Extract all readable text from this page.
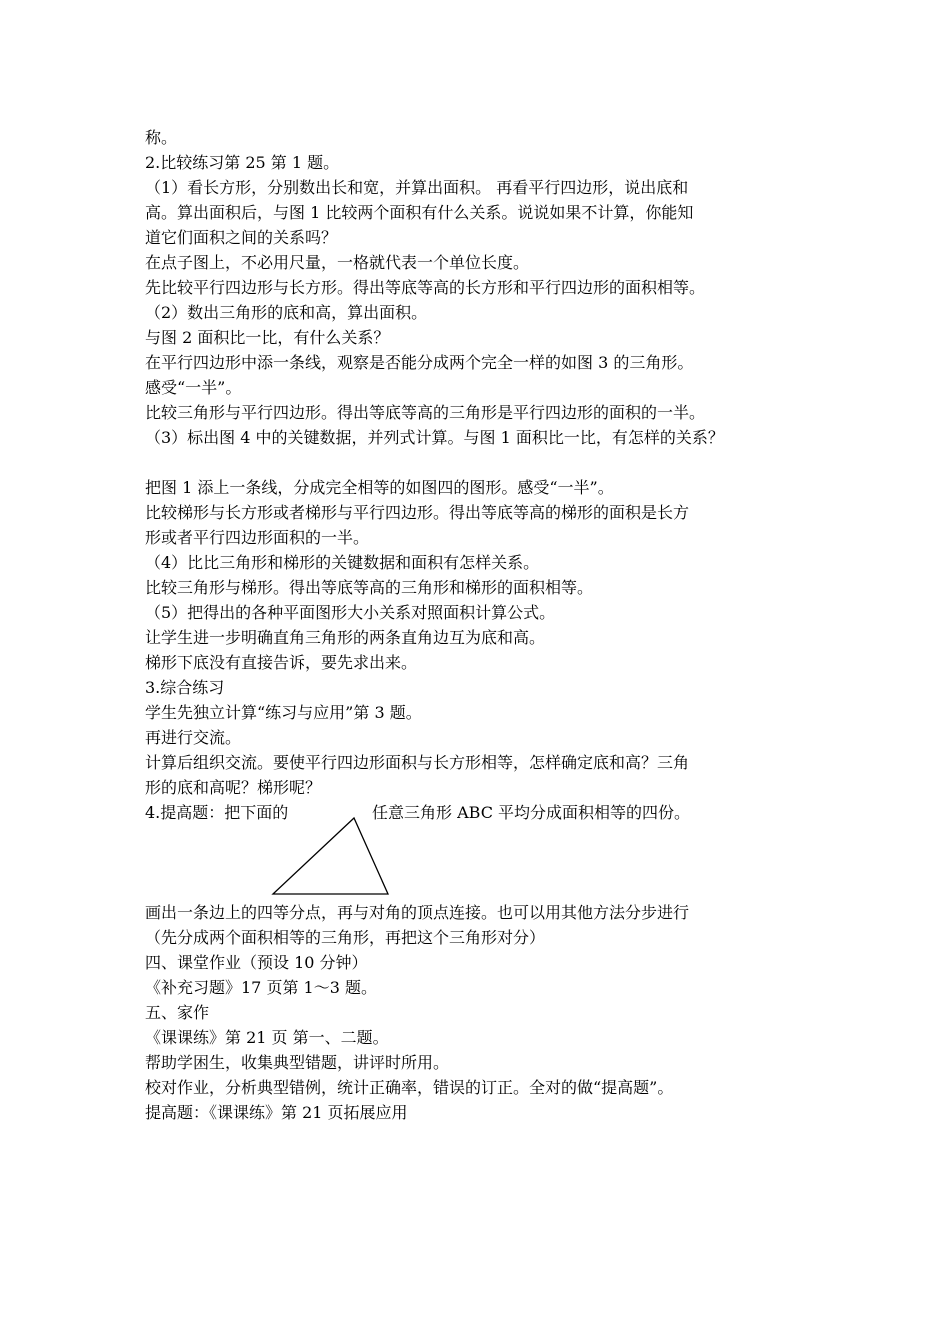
称。
2.比较练习第 25 第 1 题。
（1）看长方形，分别数出长和宽，并算出面积。 再看平行四边形，说出底和
高。算出面积后，与图 1 比较两个面积有什么关系。说说如果不计算，你能知
道它们面积之间的关系吗？
在点子图上，不必用尺量，一格就代表一个单位长度。
先比较平行四边形与长方形。得出等底等高的长方形和平行四边形的面积相等。
（2）数出三角形的底和高，算出面积。
与图 2 面积比一比，有什么关系？
在平行四边形中添一条线，观察是否能分成两个完全一样的如图 3 的三角形。
感受“一半”。
比较三角形与平行四边形。得出等底等高的三角形是平行四边形的面积的一半。
（3）标出图 4 中的关键数据，并列式计算。与图 1 面积比一比，有怎样的关系？
把图 1 添上一条线，分成完全相等的如图四的图形。感受“一半”。
比较梯形与长方形或者梯形与平行四边形。得出等底等高的梯形的面积是长方
形或者平行四边形面积的一半。
（4）比比三角形和梯形的关键数据和面积有怎样关系。
比较三角形与梯形。得出等底等高的三角形和梯形的面积相等。
（5）把得出的各种平面图形大小关系对照面积计算公式。
让学生进一步明确直角三角形的两条直角边互为底和高。
梯形下底没有直接告诉，要先求出来。
3.综合练习
学生先独立计算“练习与应用”第 3 题。
再进行交流。
计算后组织交流。要使平行四边形面积与长方形相等，怎样确定底和高？三角
形的底和高呢？梯形呢？
4.提高题：把下面的	任意三角形 ABC 平均分成面积相等的四份。
画出一条边上的四等分点，再与对角的顶点连接。也可以用其他方法分步进行
（先分成两个面积相等的三角形，再把这个三角形对分）
四、课堂作业（预设 10 分钟）
《补充习题》17 页第 1～3 题。
五、家作
《课课练》第 21 页 第一、二题。
帮助学困生，收集典型错题，讲评时所用。
校对作业，分析典型错例，统计正确率，错误的订正。全对的做“提高题”。
提高题：《课课练》第 21 页拓展应用
